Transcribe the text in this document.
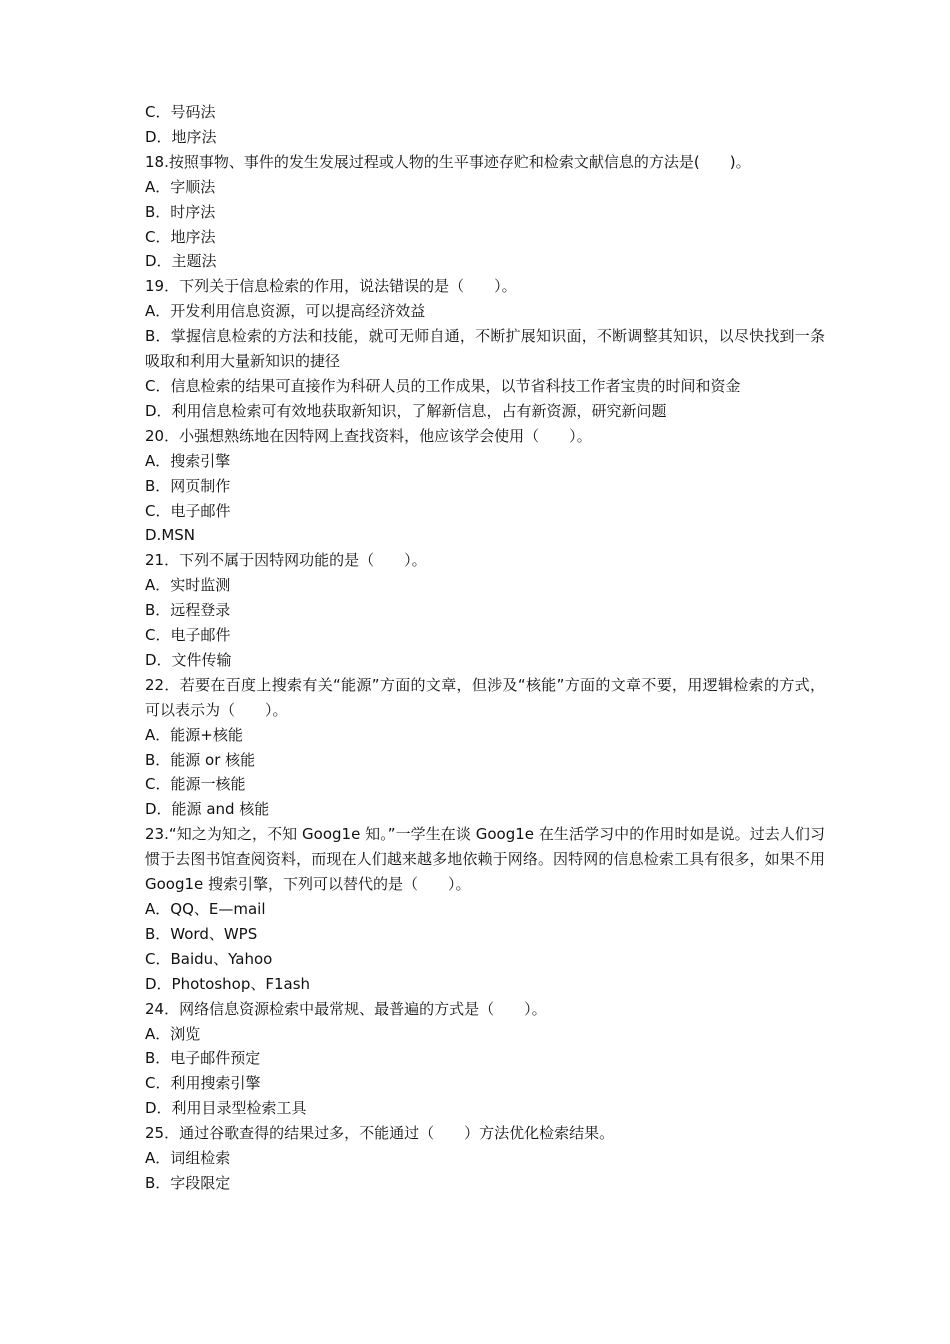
C．号码法

D．地序法

18.按照事物、事件的发生发展过程或人物的生平事迹存贮和检索文献信息的方法是(　　)。

A．字顺法

B．时序法

C．地序法

D．主题法

19．下列关于信息检索的作用，说法错误的是（　　）。

A．开发利用信息资源，可以提高经济效益

B．掌握信息检索的方法和技能，就可无师自通，不断扩展知识面，不断调整其知识，以尽快找到一条吸取和利用大量新知识的捷径

C．信息检索的结果可直接作为科研人员的工作成果，以节省科技工作者宝贵的时间和资金

D．利用信息检索可有效地获取新知识，了解新信息，占有新资源，研究新问题

20．小强想熟练地在因特网上查找资料，他应该学会使用（　　）。

A．搜索引擎

B．网页制作

C．电子邮件

D.MSN

21．下列不属于因特网功能的是（　　）。

A．实时监测

B．远程登录

C．电子邮件

D．文件传输

22．若要在百度上搜索有关“能源”方面的文章，但涉及“核能”方面的文章不要，用逻辑检索的方式，可以表示为（　　）。

A．能源+核能

B．能源 or 核能

C．能源一核能

D．能源 and 核能

23.“知之为知之，不知 Goog1e 知。”一学生在谈 Goog1e 在生活学习中的作用时如是说。过去人们习惯于去图书馆查阅资料，而现在人们越来越多地依赖于网络。因特网的信息检索工具有很多，如果不用 Goog1e 搜索引擎，下列可以替代的是（　　）。

A．QQ、E—mail

B．Word、WPS

C．Baidu、Yahoo

D．Photoshop、F1ash

24．网络信息资源检索中最常规、最普遍的方式是（　　）。

A．浏览

B．电子邮件预定

C．利用搜索引擎

D．利用目录型检索工具

25．通过谷歌查得的结果过多，不能通过（　　）方法优化检索结果。

A．词组检索

B．字段限定
